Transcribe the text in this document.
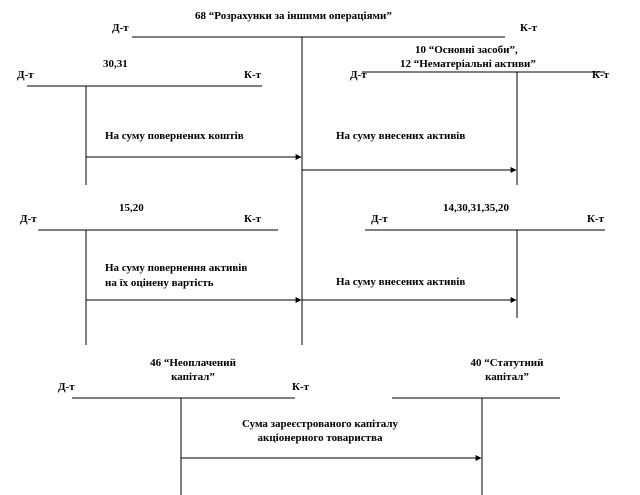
68 “Розрахунки за іншими операціями”
Д-т	К-т
Д-т
30,31
К-т
На суму повернених коштів
10 “Основні засоби”,
12 “Нематеріальні активи”
Д-т	К-т
На суму внесених активів
Д-т
15,20
К-т
На суму повернення активів
на їх оцінену вартість
Д-т
14,30,31,35,20
К-т
На суму внесених активів
46 “Неоплачений
капітал”
Д-т	К-т
40 “Статутний
капітал”
Сума зареєстрованого капіталу
акціонерного товариства
